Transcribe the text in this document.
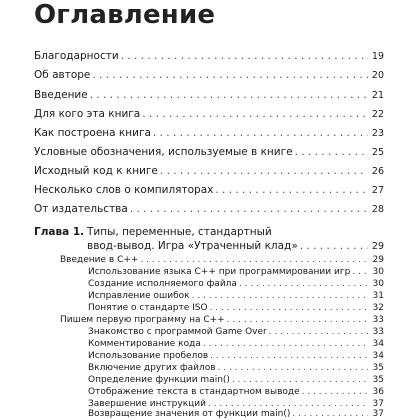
Оглавление
Благодарности . . .	19
Об авторе . . .	20
Введение . . .	21
Для кого эта книга . . .	22
Как построена книга . . .	23
Условные обозначения, используемые в книге . . .	25
Исходный код к книге . . .	26
Несколько слов о компиляторах . . .	27
От издательства . . .	28
Глава 1. Типы, переменные, стандартный
ввод-вывод. Игра «Утраченный клад» . . .	29
Введение в С++ . . .	29
Использование языка С++ при программировании игр . . . 30
Создание исполняемого файла . . .	30
Исправление ошибок . . .	31
Понятие о стандарте ISO . . .	32
Пишем первую программу на С++ . . .	33
Знакомство с программой Game Over . . .	33
Комментирование кода . . .	34
Использование пробелов . . .	34
Включение других файлов . . .	35
Определение функции main() . . .	35
Отображение текста в стандартном выводе . . .	36
Завершение инструкций . . .	37
Возвращение значения от функции main() . . .	37
